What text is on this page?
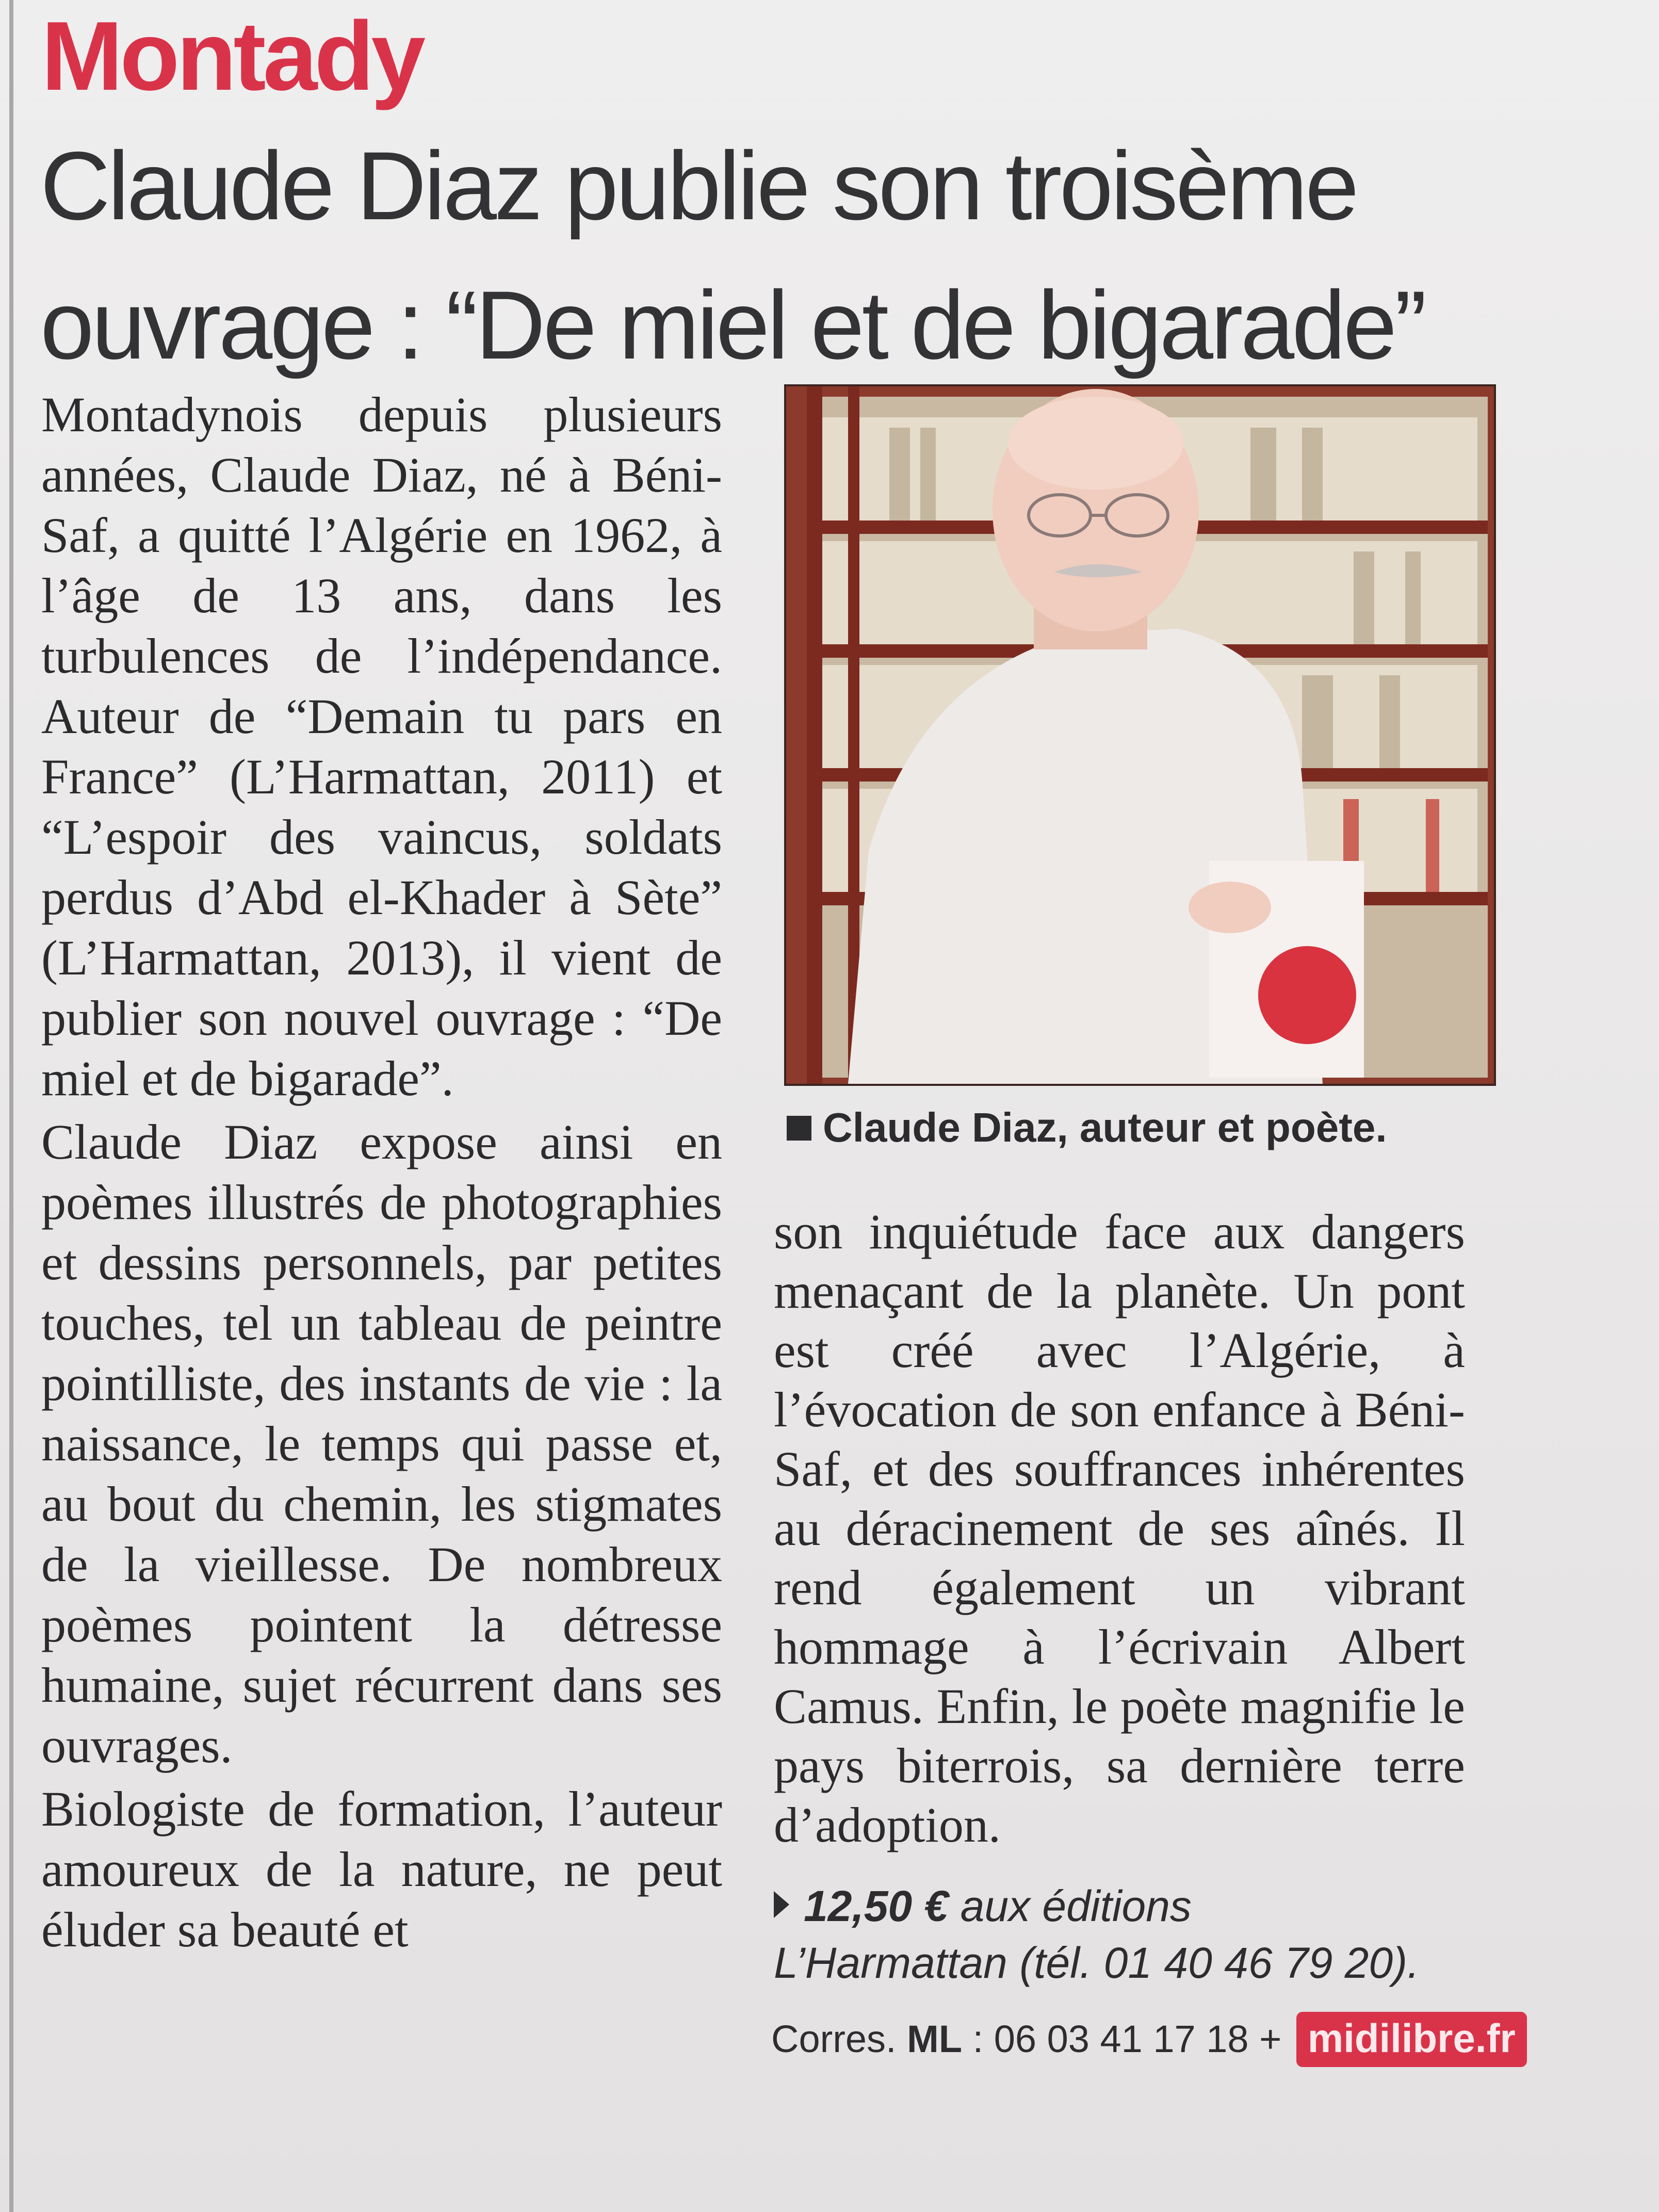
Montady
Claude Diaz publie son troisème
ouvrage : “De miel et de bigarade”

Montadynois depuis plusieurs années, Claude Diaz, né à Béni-Saf, a quitté l’Algérie en 1962, à l’âge de 13 ans, dans les turbulences de l’indépendance. Auteur de “Demain tu pars en France” (L’Harmattan, 2011) et “L’espoir des vaincus, soldats perdus d’Abd el-Khader à Sète” (L’Harmattan, 2013), il vient de publier son nouvel ouvrage : “De miel et de bigarade”.

Claude Diaz expose ainsi en poèmes illustrés de photographies et dessins personnels, par petites touches, tel un tableau de peintre pointilliste, des instants de vie : la naissance, le temps qui passe et, au bout du chemin, les stigmates de la vieillesse. De nombreux poèmes pointent la détresse humaine, sujet récurrent dans ses ouvrages.

Biologiste de formation, l’auteur amoureux de la nature, ne peut éluder sa beauté et

Claude Diaz, auteur et poète.

son inquiétude face aux dangers menaçant de la planète. Un pont est créé avec l’Algérie, à l’évocation de son enfance à Béni-Saf, et des souffrances inhérentes au déracinement de ses aînés. Il rend également un vibrant hommage à l’écrivain Albert Camus. Enfin, le poète magnifie le pays biterrois, sa dernière terre d’adoption.

12,50 € aux éditions
L’Harmattan (tél. 01 40 46 79 20).
Corres. ML : 06 03 41 17 18 + midilibre.fr
